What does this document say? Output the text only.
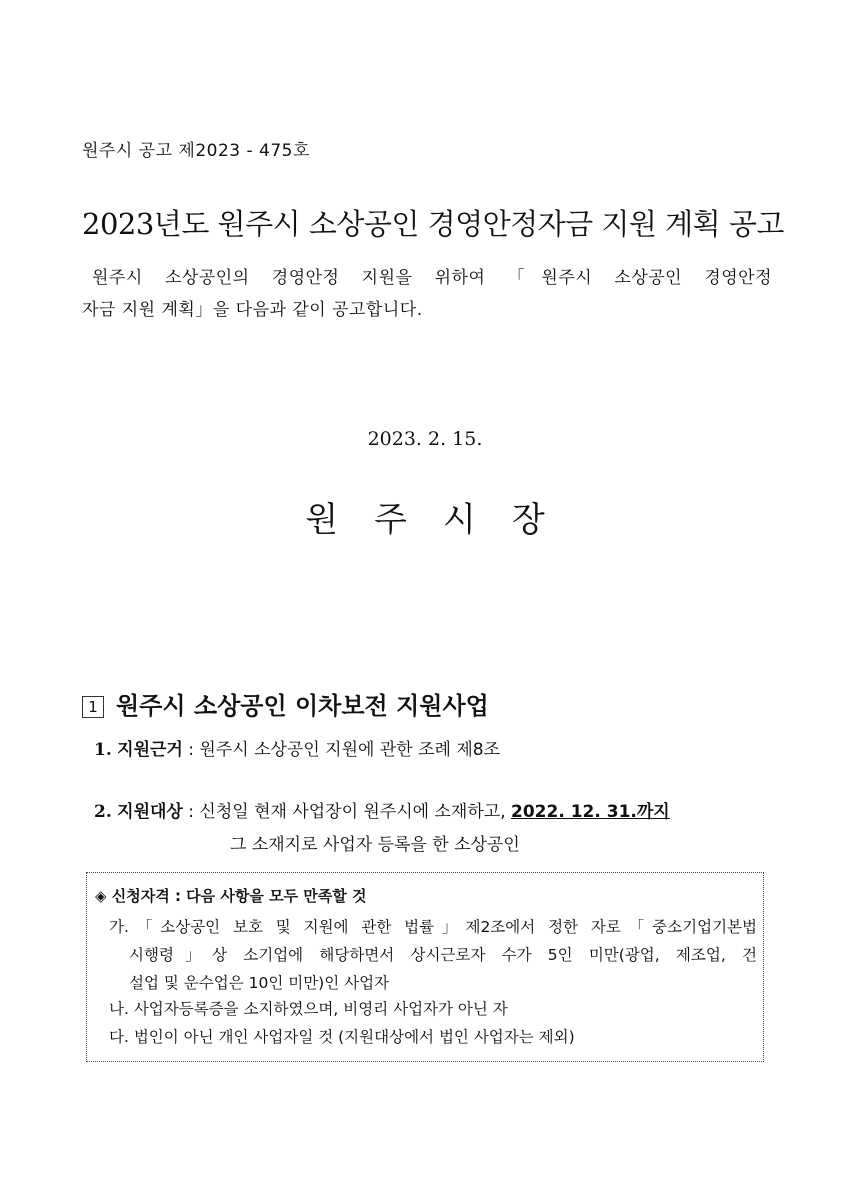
원주시 공고 제2023 - 475호
2023년도 원주시 소상공인 경영안정자금 지원 계획 공고
원주시 소상공인의 경영안정 지원을 위하여 「원주시 소상공인 경영안정
자금 지원 계획」을 다음과 같이 공고합니다.
2023. 2. 15.
원주시장
1 원주시 소상공인 이차보전 지원사업
1. 지원근거 : 원주시 소상공인 지원에 관한 조례 제8조
2. 지원대상 : 신청일 현재 사업장이 원주시에 소재하고, 2022. 12. 31.까지
그 소재지로 사업자 등록을 한 소상공인
◈ 신청자격 : 다음 사항을 모두 만족할 것
가.「소상공인 보호 및 지원에 관한 법률」제2조에서 정한 자로「중소기업기본법
시행령」상 소기업에 해당하면서 상시근로자 수가 5인 미만(광업, 제조업, 건
설업 및 운수업은 10인 미만)인 사업자
나. 사업자등록증을 소지하였으며, 비영리 사업자가 아닌 자
다. 법인이 아닌 개인 사업자일 것 (지원대상에서 법인 사업자는 제외)
